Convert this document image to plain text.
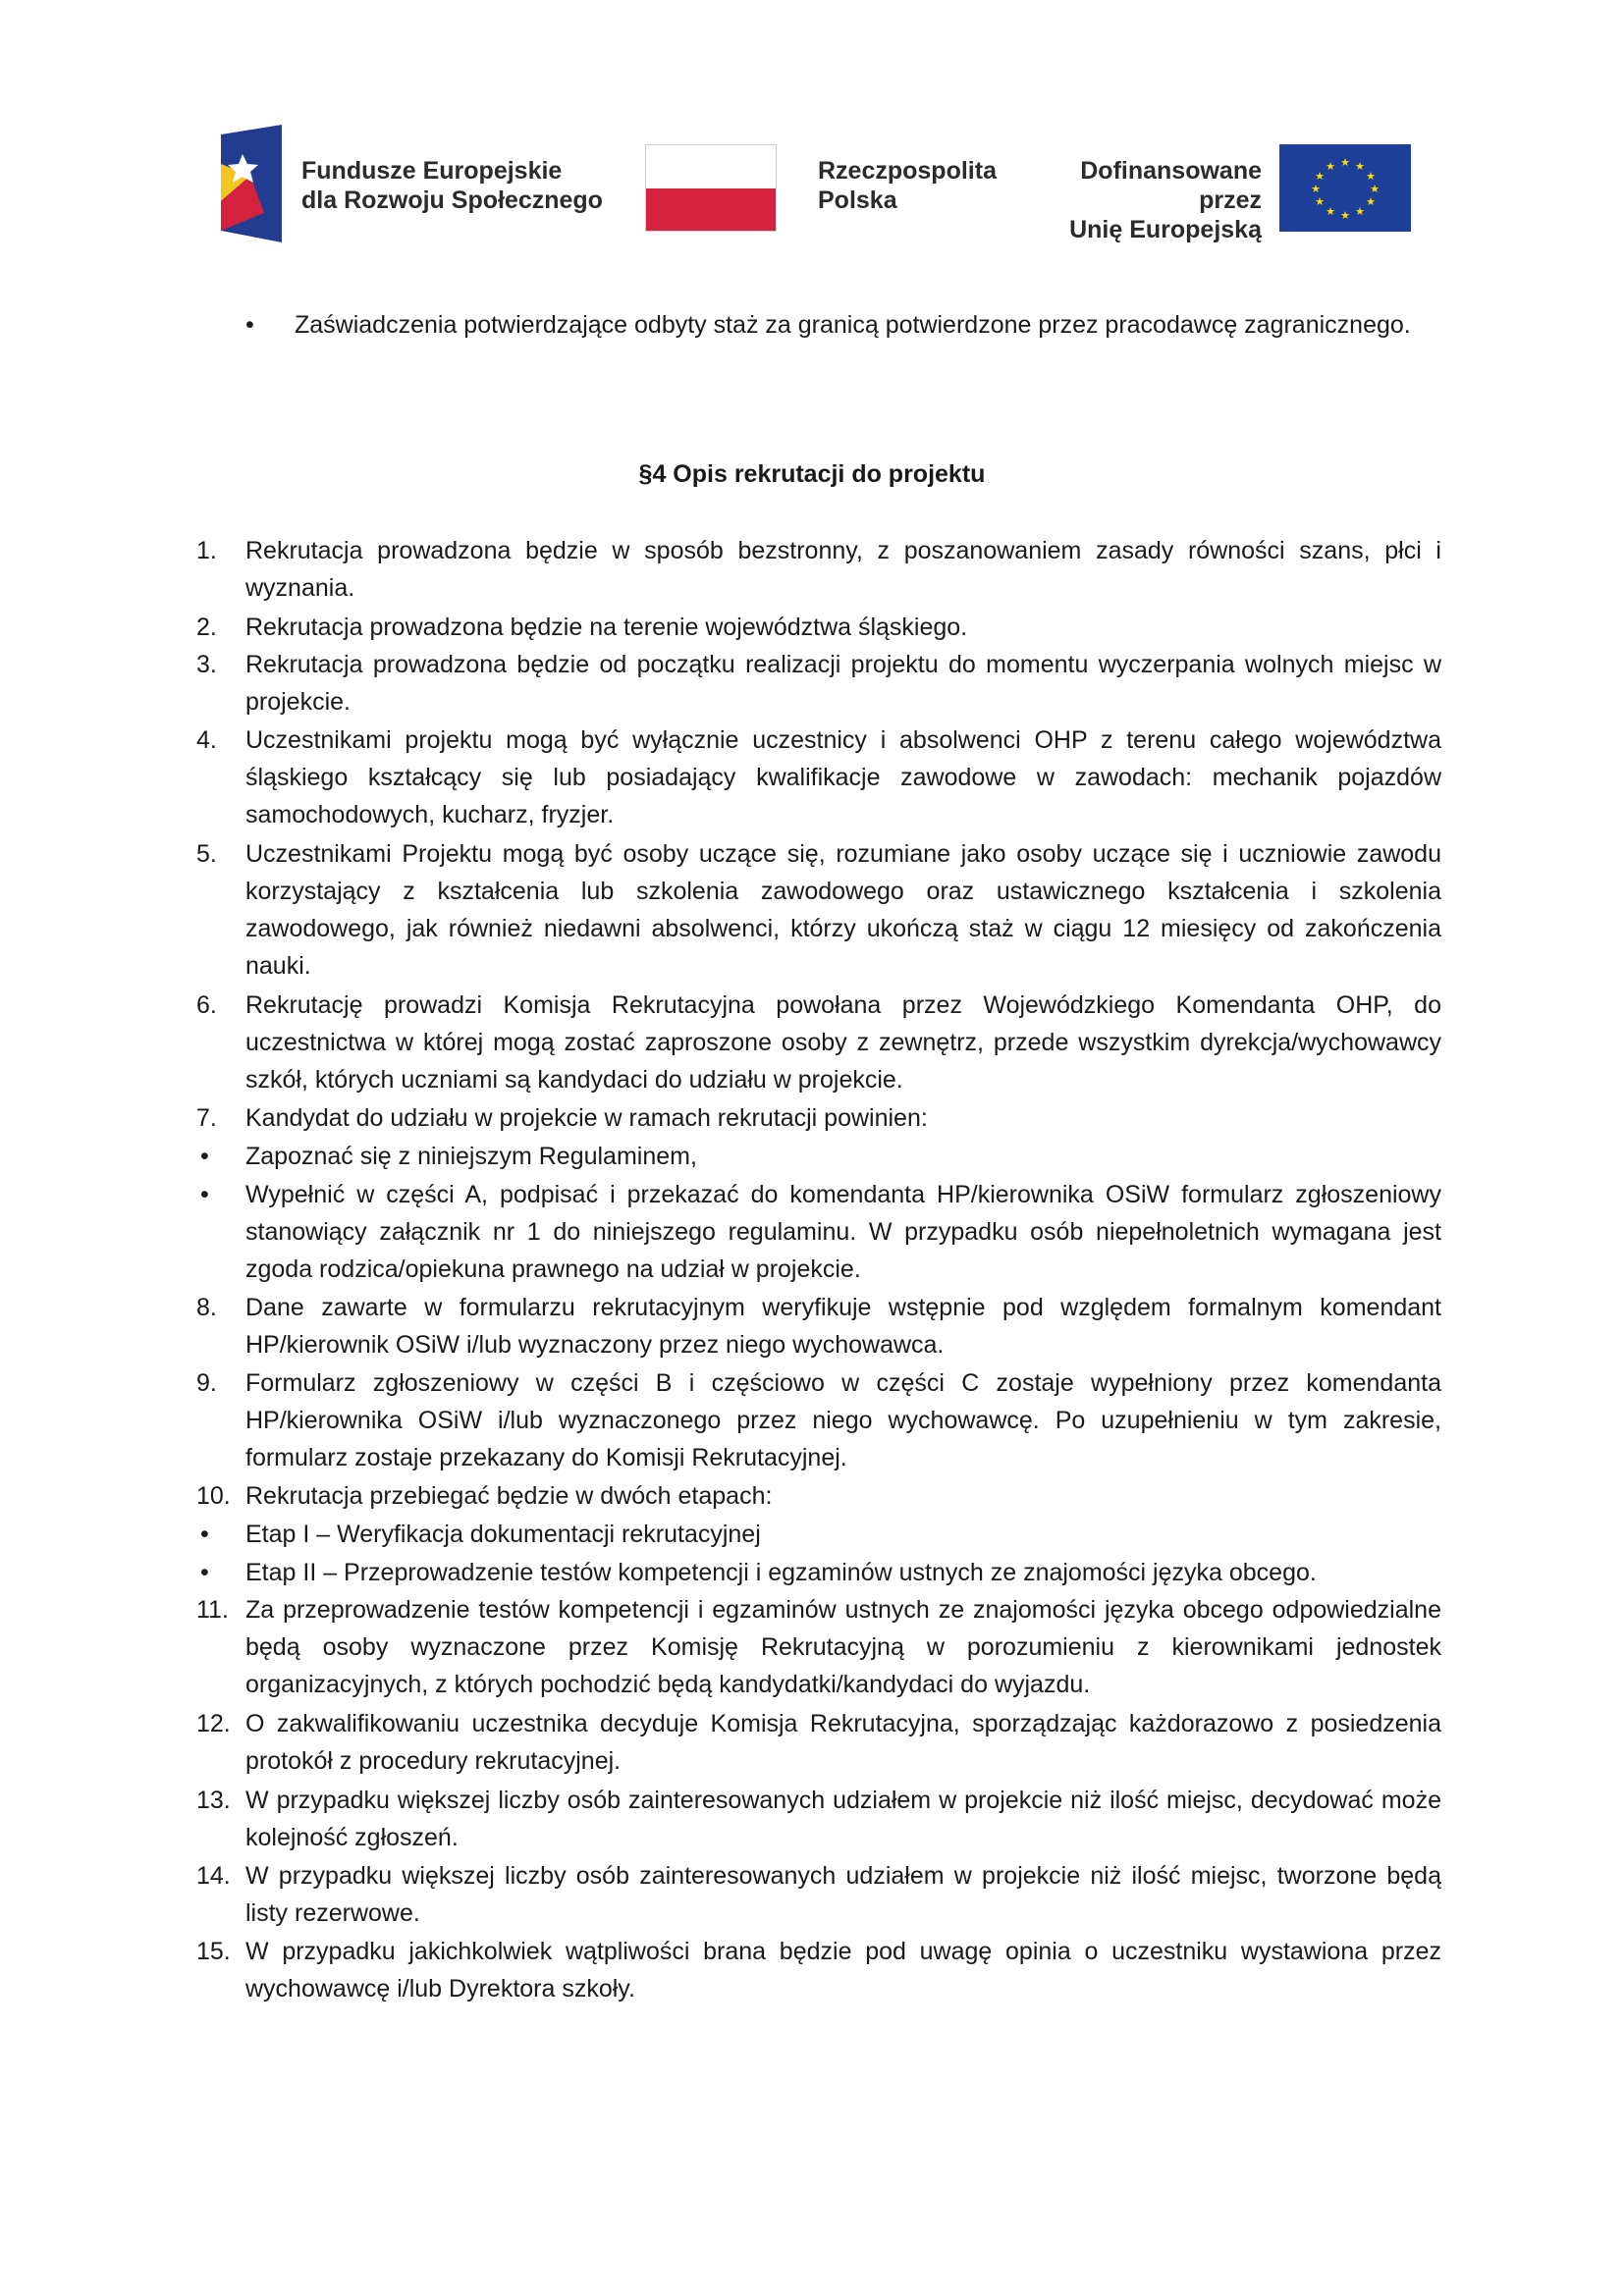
Fundusze Europejskie
dla Rozwoju Społecznego
Rzeczpospolita
Polska
Dofinansowane przez
Unię Europejską
★ ★
★
★
★
★
★
★
★
★
★
★
• Zaświadczenia potwierdzające odbyty staż za granicą potwierdzone przez pracodawcę zagranicznego.
§4 Opis rekrutacji do projektu
1. Rekrutacja prowadzona będzie w sposób bezstronny, z poszanowaniem zasady równości szans, płci i wyznania.
2. Rekrutacja prowadzona będzie na terenie województwa śląskiego.
3. Rekrutacja prowadzona będzie od początku realizacji projektu do momentu wyczerpania wolnych miejsc w projekcie.
4. Uczestnikami projektu mogą być wyłącznie uczestnicy i absolwenci OHP z terenu całego województwa śląskiego kształcący się lub posiadający kwalifikacje zawodowe w zawodach: mechanik pojazdów samochodowych, kucharz, fryzjer.
5. Uczestnikami Projektu mogą być osoby uczące się, rozumiane jako osoby uczące się i uczniowie zawodu korzystający z kształcenia lub szkolenia zawodowego oraz ustawicznego kształcenia i szkolenia zawodowego, jak również niedawni absolwenci, którzy ukończą staż w ciągu 12 miesięcy od zakończenia nauki.
6. Rekrutację prowadzi Komisja Rekrutacyjna powołana przez Wojewódzkiego Komendanta OHP, do uczestnictwa w której mogą zostać zaproszone osoby z zewnętrz, przede wszystkim dyrekcja/wychowawcy szkół, których uczniami są kandydaci do udziału w projekcie.
7. Kandydat do udziału w projekcie w ramach rekrutacji powinien:
• Zapoznać się z niniejszym Regulaminem,
• Wypełnić w części A, podpisać i przekazać do komendanta HP/kierownika OSiW formularz zgłoszeniowy stanowiący załącznik nr 1 do niniejszego regulaminu. W przypadku osób niepełnoletnich wymagana jest zgoda rodzica/opiekuna prawnego na udział w projekcie.
8. Dane zawarte w formularzu rekrutacyjnym weryfikuje wstępnie pod względem formalnym komendant HP/kierownik OSiW i/lub wyznaczony przez niego wychowawca.
9. Formularz zgłoszeniowy w części B i częściowo w części C zostaje wypełniony przez komendanta HP/kierownika OSiW i/lub wyznaczonego przez niego wychowawcę. Po uzupełnieniu w tym zakresie, formularz zostaje przekazany do Komisji Rekrutacyjnej.
10. Rekrutacja przebiegać będzie w dwóch etapach:
• Etap I – Weryfikacja dokumentacji rekrutacyjnej
• Etap II – Przeprowadzenie testów kompetencji i egzaminów ustnych ze znajomości języka obcego.
11. Za przeprowadzenie testów kompetencji i egzaminów ustnych ze znajomości języka obcego odpowiedzialne będą osoby wyznaczone przez Komisję Rekrutacyjną w porozumieniu z kierownikami jednostek organizacyjnych, z których pochodzić będą kandydatki/kandydaci do wyjazdu.
12. O zakwalifikowaniu uczestnika decyduje Komisja Rekrutacyjna, sporządzając każdorazowo z posiedzenia protokół z procedury rekrutacyjnej.
13. W przypadku większej liczby osób zainteresowanych udziałem w projekcie niż ilość miejsc, decydować może kolejność zgłoszeń.
14. W przypadku większej liczby osób zainteresowanych udziałem w projekcie niż ilość miejsc, tworzone będą listy rezerwowe.
15. W przypadku jakichkolwiek wątpliwości brana będzie pod uwagę opinia o uczestniku wystawiona przez wychowawcę i/lub Dyrektora szkoły.
